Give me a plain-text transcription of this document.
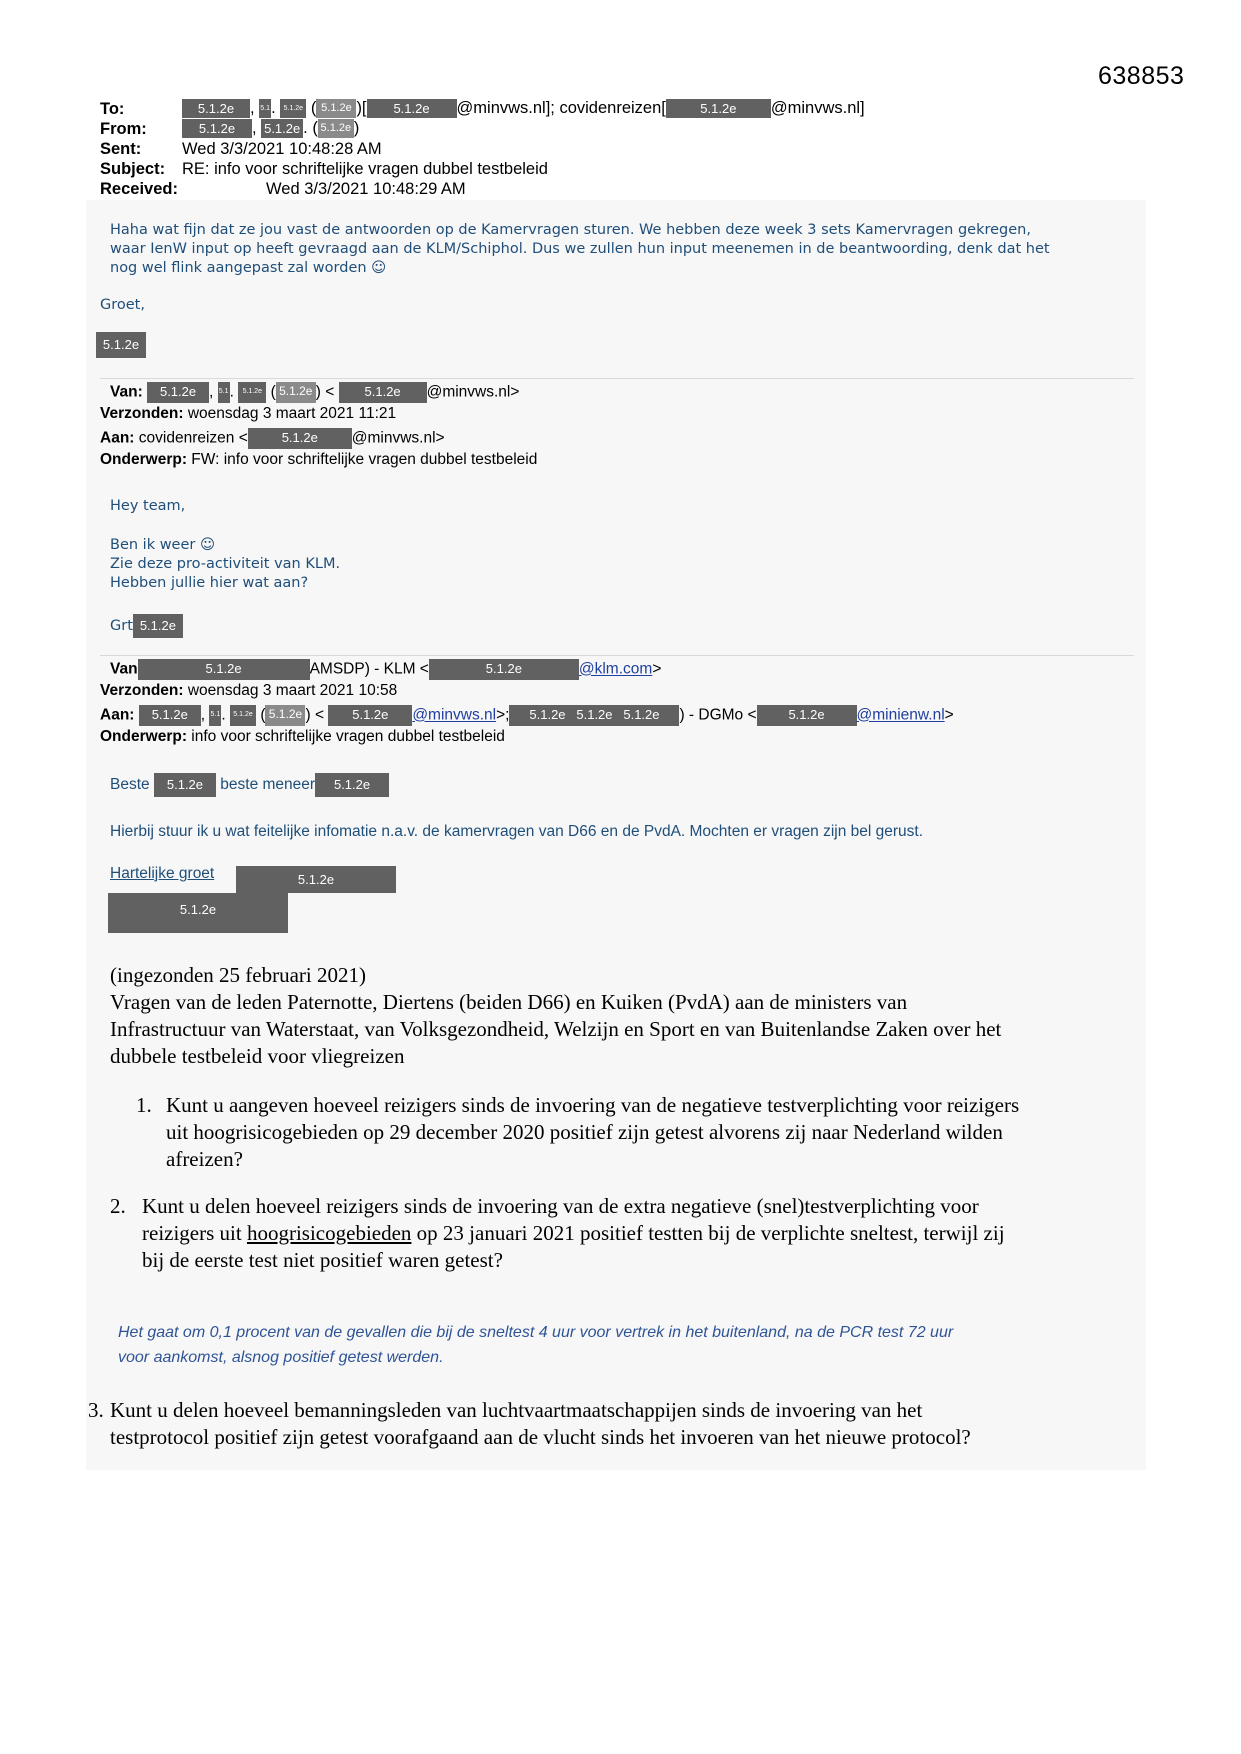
638853
To:	5.1.2e , 5.1. 5.1.2e ( 5.1.2e )[ 5.1.2e @minvws.nl]; covidenreizen[	5.1.2e @minvws.nl]
From:	5.1.2e , 5.1.2e . ( 5.1.2e )
Sent: Wed 3/3/2021 10:48:28 AM
Subject: RE: info voor schriftelijke vragen dubbel testbeleid
Received:	Wed 3/3/2021 10:48:29 AM
Haha wat fijn dat ze jou vast de antwoorden op de Kamervragen sturen. We hebben deze week 3 sets Kamervragen gekregen,
waar IenW input op heeft gevraagd aan de KLM/Schiphol. Dus we zullen hun input meenemen in de beantwoording, denk dat het
nog wel flink aangepast zal worden ☺
Groet,
5.1.2e
Van: 5.1.2e , 5.1. 5.1.2e ( 5.1.2e ) < 5.1.2e @minvws.nl>
Verzonden: woensdag 3 maart 2021 11:21
Aan: covidenreizen <	5.1.2e @minvws.nl>
Onderwerp: FW: info voor schriftelijke vragen dubbel testbeleid
Hey team,
Ben ik weer ☺
Zie deze pro-activiteit van KLM.
Hebben jullie hier wat aan?
Grt 5.1.2e
Van	5.1.2e	AMSDP) - KLM <	5.1.2e	@klm.com>
Verzonden: woensdag 3 maart 2021 10:58
Aan: 5.1.2e , 5.1. 5.1.2e ( 5.1.2e ) < 5.1.2e @minvws.nl>; 5.1.2e   5.1.2e   5.1.2e ) - DGMo < 5.1.2e @minienw.nl>
Onderwerp: info voor schriftelijke vragen dubbel testbeleid
Beste 5.1.2e beste meneer 5.1.2e
Hierbij stuur ik u wat feitelijke infomatie n.a.v. de kamervragen van D66 en de PvdA. Mochten er vragen zijn bel gerust.
Hartelijke groet	5.1.2e
5.1.2e
(ingezonden 25 februari 2021)
Vragen van de leden Paternotte, Diertens (beiden D66) en Kuiken (PvdA) aan de ministers van
Infrastructuur van Waterstaat, van Volksgezondheid, Welzijn en Sport en van Buitenlandse Zaken over het
dubbele testbeleid voor vliegreizen
1. Kunt u aangeven hoeveel reizigers sinds de invoering van de negatieve testverplichting voor reizigers
uit hoogrisicogebieden op 29 december 2020 positief zijn getest alvorens zij naar Nederland wilden
afreizen?
2. Kunt u delen hoeveel reizigers sinds de invoering van de extra negatieve (snel)testverplichting voor
reizigers uit hoogrisicogebieden op 23 januari 2021 positief testten bij de verplichte sneltest, terwijl zij
bij de eerste test niet positief waren getest?
Het gaat om 0,1 procent van de gevallen die bij de sneltest 4 uur voor vertrek in het buitenland, na de PCR test 72 uur
voor aankomst, alsnog positief getest werden.
3. Kunt u delen hoeveel bemanningsleden van luchtvaartmaatschappijen sinds de invoering van het
testprotocol positief zijn getest voorafgaand aan de vlucht sinds het invoeren van het nieuwe protocol?
